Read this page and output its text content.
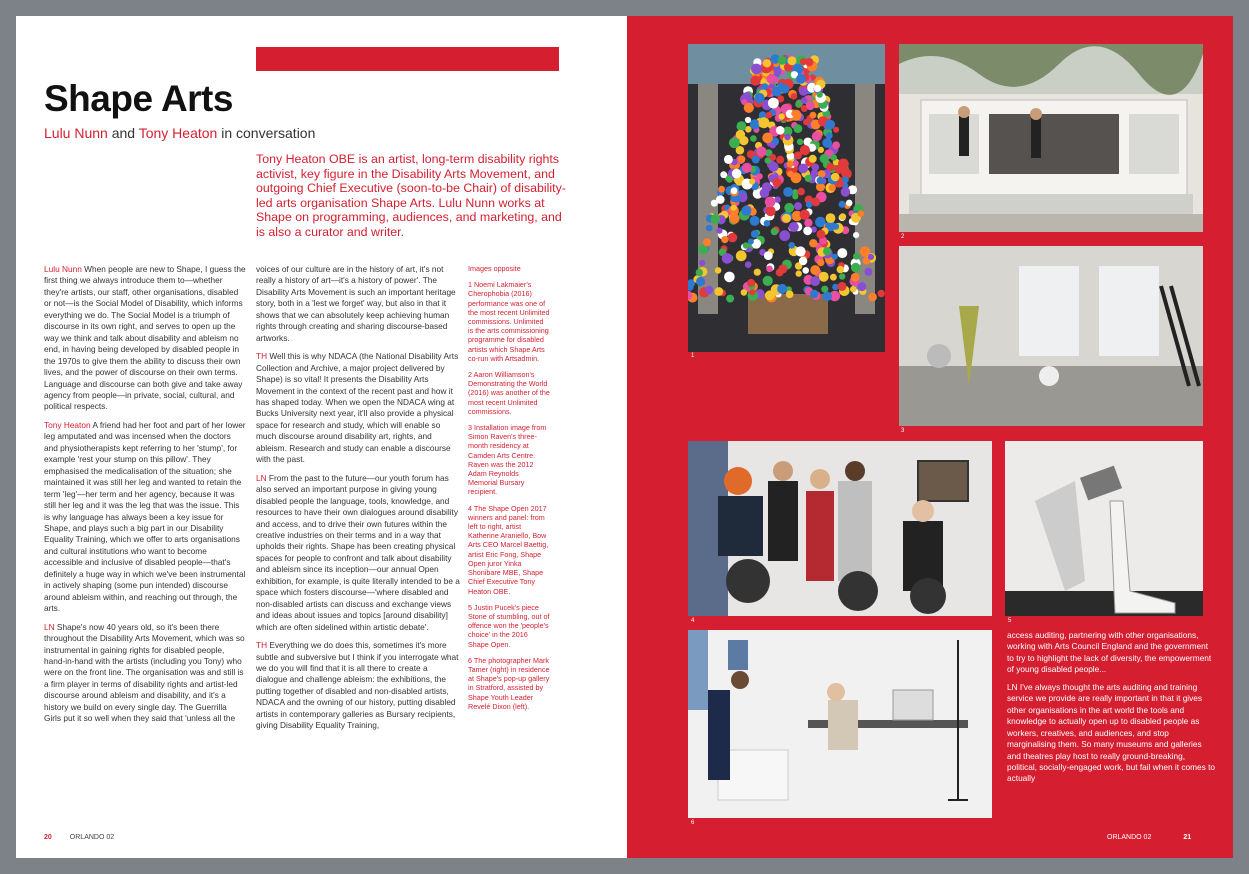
Shape Arts
Lulu Nunn and Tony Heaton in conversation
Tony Heaton OBE is an artist, long-term disability rights activist, key figure in the Disability Arts Movement, and outgoing Chief Executive (soon-to-be Chair) of disability-led arts organisation Shape Arts. Lulu Nunn works at Shape on programming, audiences, and marketing, and is also a curator and writer.

Lulu Nunn When people are new to Shape, I guess the first thing we always introduce them to—whether they're artists, our staff, other organisations, disabled or not—is the Social Model of Disability, which informs everything we do. The Social Model is a triumph of discourse in its own right, and serves to open up the way we think and talk about disability and ableism no end, in having being developed by disabled people in the 1970s to give them the ability to discuss their own lives, and the power of discourse on their own terms. Language and discourse can both give and take away agency from people—in private, social, cultural, and political respects.

Tony Heaton A friend had her foot and part of her lower leg amputated and was incensed when the doctors and physiotherapists kept referring to her 'stump', for example 'rest your stump on this pillow'. They emphasised the medicalisation of the situation; she maintained it was still her leg and wanted to retain the term 'leg'—her term and her agency, because it was still her leg and it was the leg that was the issue. This is why language has always been a key issue for Shape, and plays such a big part in our Disability Equality Training, which we offer to arts organisations and cultural institutions who want to become accessible and inclusive of disabled people—that's definitely a huge way in which we've been instrumental in actively shaping (some pun intended) discourse around ableism within, and reaching out through, the arts.

LN Shape's now 40 years old, so it's been there throughout the Disability Arts Movement, which was so instrumental in gaining rights for disabled people, hand-in-hand with the artists (including you Tony) who were on the front line. The organisation was and still is a firm player in terms of disability rights and artist-led discourse around ableism and disability, and it's a history we build on every single day. The Guerrilla Girls put it so well when they said that 'unless all the

voices of our culture are in the history of art, it's not really a history of art—it's a history of power'. The Disability Arts Movement is such an important heritage story, both in a 'lest we forget' way, but also in that it shows that we can absolutely keep achieving human rights through creating and sharing discourse-based artworks.

TH Well this is why NDACA (the National Disability Arts Collection and Archive, a major project delivered by Shape) is so vital! It presents the Disability Arts Movement in the context of the recent past and how it has shaped today. When we open the NDACA wing at Bucks University next year, it'll also provide a physical space for research and study, which will enable so much discourse around disability art, rights, and ableism. Research and study can enable a discourse with the past.

LN From the past to the future—our youth forum has also served an important purpose in giving young disabled people the language, tools, knowledge, and resources to have their own dialogues around disability and access, and to drive their own futures within the creative industries on their terms and in a way that upholds their rights. Shape has been creating physical spaces for people to confront and talk about disability and ableism since its inception—our annual Open exhibition, for example, is quite literally intended to be a space which fosters discourse—'where disabled and non-disabled artists can discuss and exchange views and ideas about issues and topics [around disability] which are often sidelined within artistic debate'.

TH Everything we do does this, sometimes it's more subtle and subversive but I think if you interrogate what we do you will find that it is all there to create a dialogue and challenge ableism: the exhibitions, the putting together of disabled and non-disabled artists, NDACA and the owning of our history, putting disabled artists in contemporary galleries as Bursary recipients, giving Disability Equality Training,

Images opposite

1 Noemi Lakmaier's Cherophobia (2016) performance was one of the most recent Unlimited commissions. Unlimited is the arts commissioning programme for disabled artists which Shape Arts co-run with Artsadmin.

2 Aaron Williamson's Demonstrating the World (2016) was another of the most recent Unlimited commissions.

3 Installation image from Simon Raven's three-month residency at Camden Arts Centre. Raven was the 2012 Adam Reynolds Memorial Bursary recipient.

4 The Shape Open 2017 winners and panel: from left to right, artist Katherine Araniello, Bow Arts CEO Marcel Baettig, artist Eric Fong, Shape Open juror Yinka Shonibare MBE, Shape Chief Executive Tony Heaton OBE.

5 Justin Pucek's piece Stone of stumbling, out of offence won the 'people's choice' in the 2016 Shape Open.

6 The photographer Mark Tamer (right) in residence at Shape's pop-up gallery in Stratford, assisted by Shape Youth Leader Revelé Dixon (left).

20	ORLANDO 02
1
2
3
4	5
6

access auditing, partnering with other organisations, working with Arts Council England and the government to try to highlight the lack of diversity, the empowerment of young disabled people...

LN I've always thought the arts auditing and training service we provide are really important in that it gives other organisations in the art world the tools and knowledge to actually open up to disabled people as workers, creatives, and audiences, and stop marginalising them. So many museums and galleries and theatres play host to really ground-breaking, political, socially-engaged work, but fail when it comes to actually

ORLANDO 02	21
